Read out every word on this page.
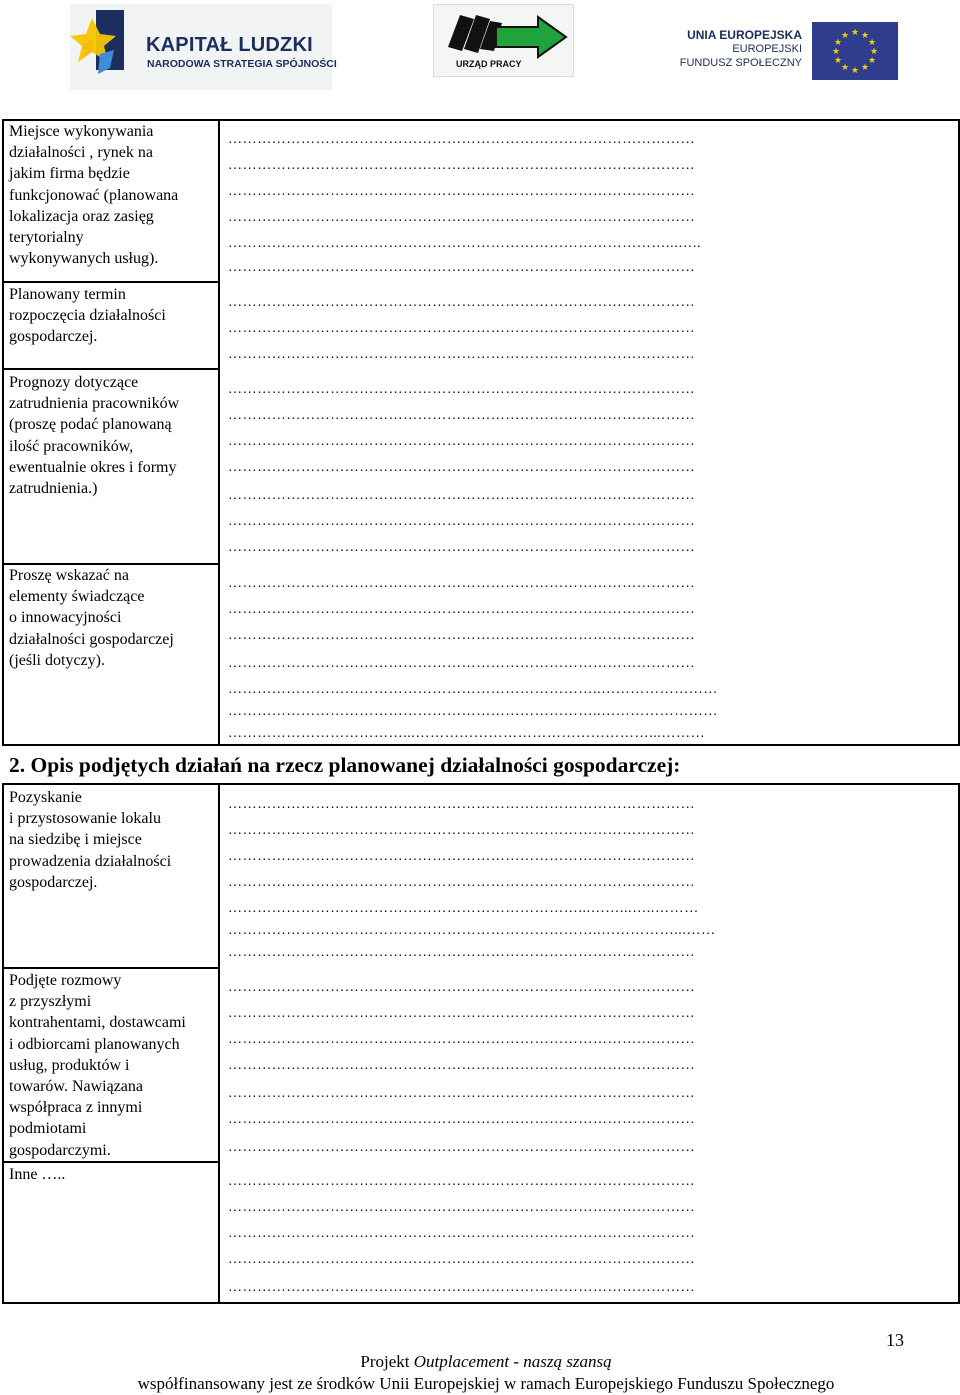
KAPITAŁ LUDZKI
NARODOWA STRATEGIA SPÓJNOŚCI	URZĄD PRACY
UNIA EUROPEJSKA
EUROPEJSKI
FUNDUSZ SPOŁECZNY
★ ★
★
★
★
★
★
★
★
★
★
★
Miejsce wykonywania
działalności , rynek na
jakim firma będzie
funkcjonować (planowana
lokalizacja oraz zasięg
terytorialny
wykonywanych usług).
Planowany termin
rozpoczęcia działalności
gospodarczej.
Prognozy dotyczące
zatrudnienia pracowników
(proszę podać planowaną
ilość pracowników,
ewentualnie okres i formy
zatrudnienia.)
Proszę wskazać na
elementy świadczące
o innowacyjności
działalności gospodarczej
(jeśli dotyczy).
……………………………………………………………………………………
……………………………………………………………………………………
……………………………………………………………………………………
……………………………………………………………………………………
………………………………………………………………………………...…..
……………………………………………………………………………………
……………………………………………………………………………………
……………………………………………………………………………………
……………………………………………………………………………………
……………………………………………………………………………………
……………………………………………………………………………………
……………………………………………………………………………………
……………………………………………………………………………………
……………………………………………………………………………………
……………………………………………………………………………………
……………………………………………………………………………………
……………………………………………………………………………………
……………………………………………………………………………………
……………………………………………………………………………………
……………………………………………………………………………………
…………………………………………………………………..……………………
…………………………………………………………………..……………………
………………………………...…………………………………………...………
2. Opis podjętych działań na rzecz planowanej działalności gospodarczej:
Pozyskanie
i przystosowanie lokalu
na siedzibę i miejsce
prowadzenia działalności
gospodarczej.
Podjęte rozmowy
z przyszłymi
kontrahentami, dostawcami
i odbiorcami planowanych
usług, produktów i
towarów. Nawiązana
współpraca z innymi
podmiotami
gospodarczymi.
Inne …..
……………………………………………………………………………………
……………………………………………………………………………………
……………………………………………………………………………………
……………………………………………………………………………………
………………………………………………………………...……...…..………
…………………………………………………………………..……………...……
……………………………………………………………………………………
……………………………………………………………………………………
……………………………………………………………………………………
……………………………………………………………………………………
……………………………………………………………………………………
……………………………………………………………………………………
……………………………………………………………………………………
……………………………………………………………………………………
……………………………………………………………………………………
……………………………………………………………………………………
……………………………………………………………………………………
……………………………………………………………………………………
……………………………………………………………………………………
13
Projekt Outplacement - naszą szansą
współfinansowany jest ze środków Unii Europejskiej w ramach Europejskiego Funduszu Społecznego
